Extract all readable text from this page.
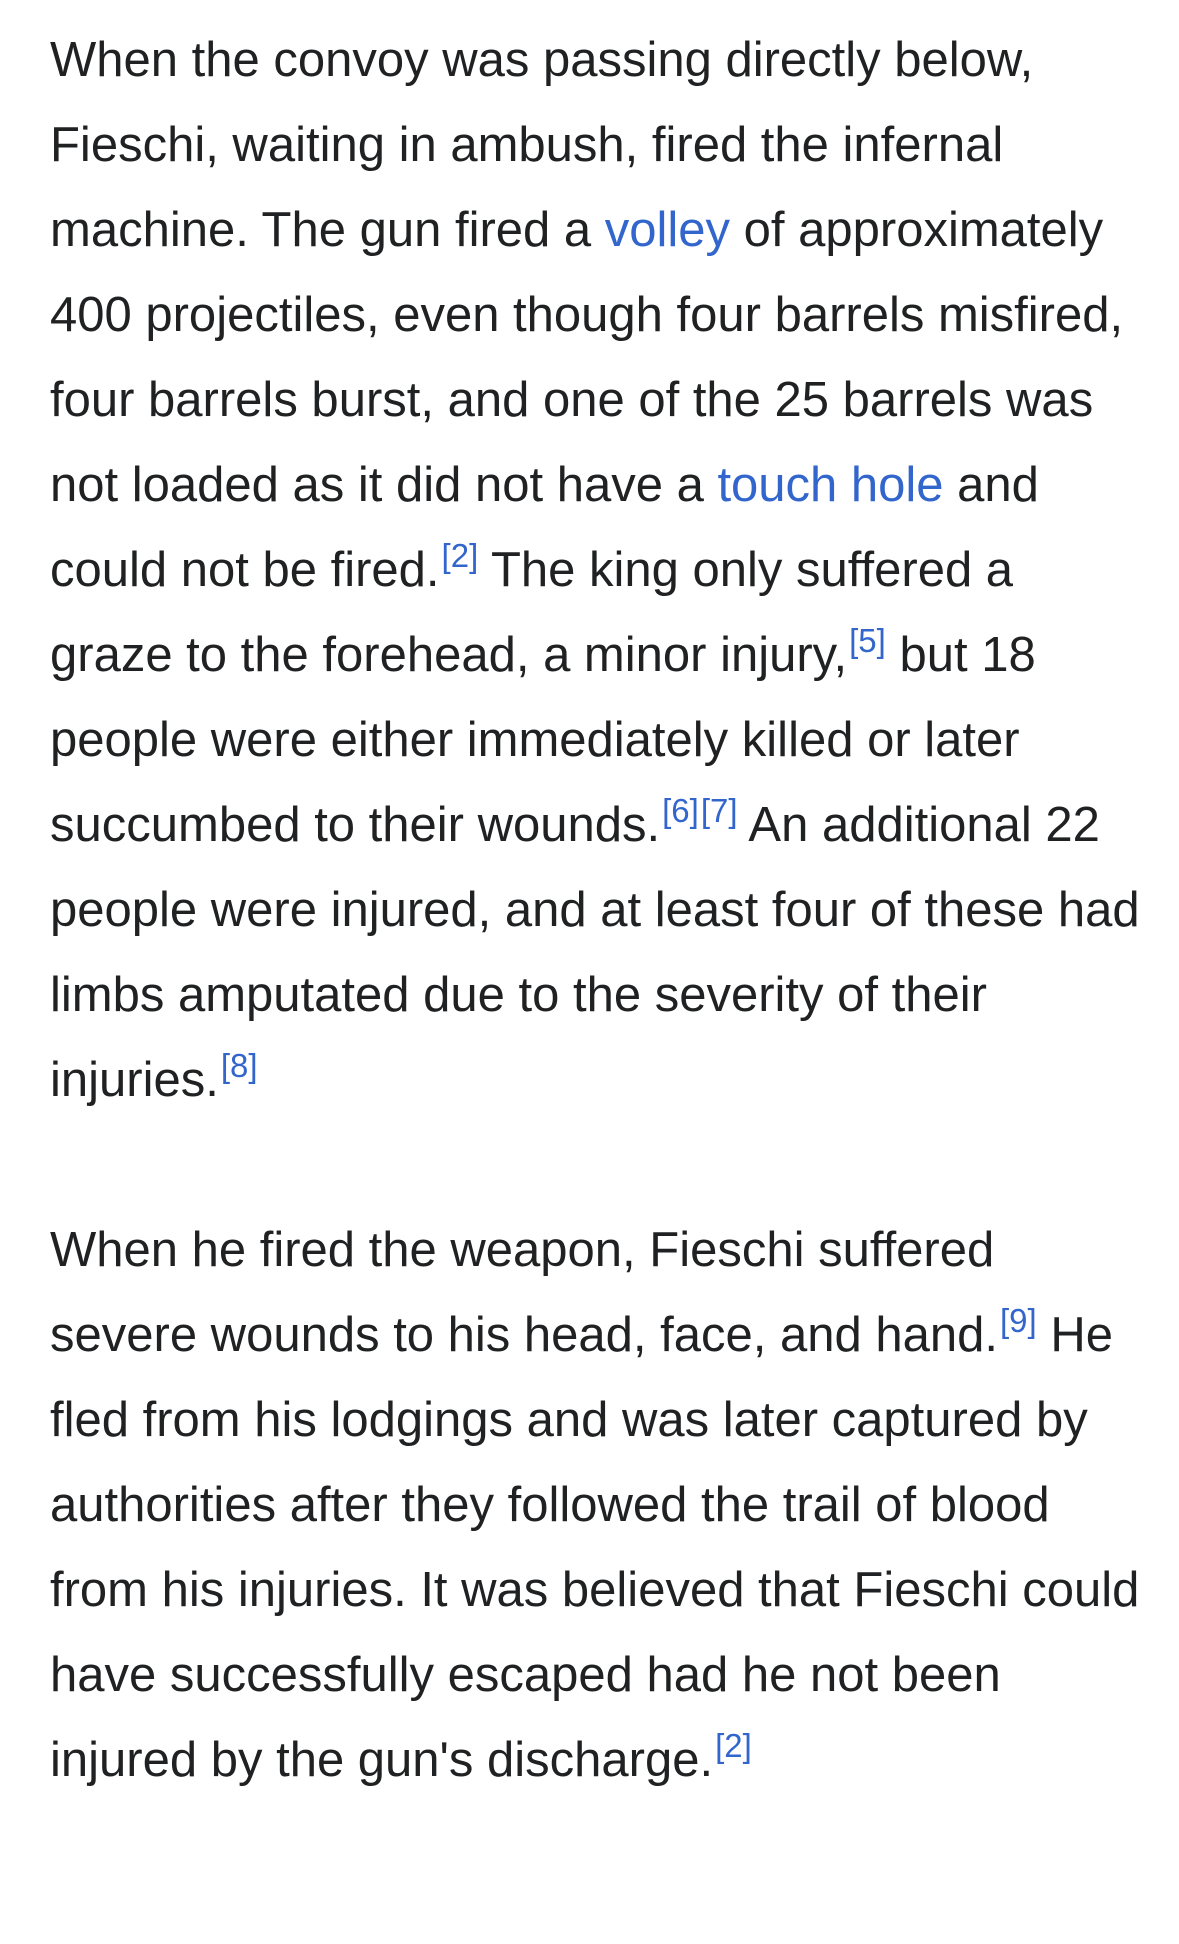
When the convoy was passing directly below, Fieschi, waiting in ambush, fired the infernal machine. The gun fired a volley of approximately 400 projectiles, even though four barrels misfired, four barrels burst, and one of the 25 barrels was not loaded as it did not have a touch hole and could not be fired.[2] The king only suffered a graze to the forehead, a minor injury,[5] but 18 people were either immediately killed or later succumbed to their wounds.[6][7] An additional 22 people were injured, and at least four of these had limbs amputated due to the severity of their injuries.[8]

When he fired the weapon, Fieschi suffered severe wounds to his head, face, and hand.[9] He fled from his lodgings and was later captured by authorities after they followed the trail of blood from his injuries. It was believed that Fieschi could have successfully escaped had he not been injured by the gun's discharge.[2]
